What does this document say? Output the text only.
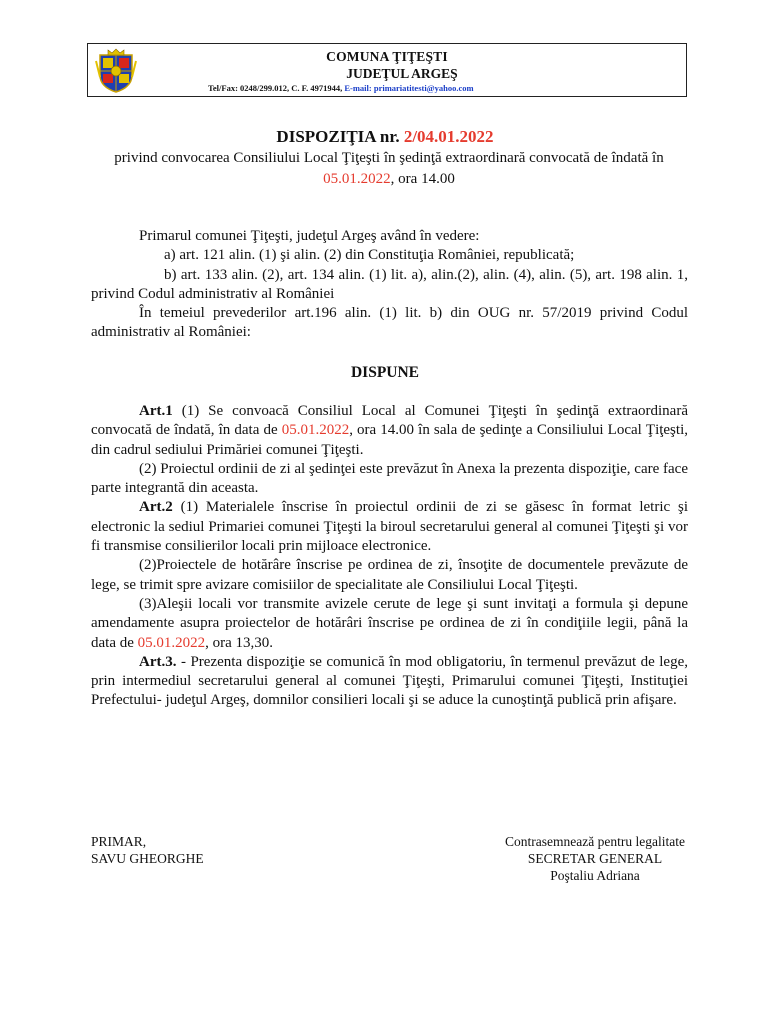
COMUNA ŢIŢEŞTI
JUDEŢUL ARGEŞ
Tel/Fax: 0248/299.012, C. F. 4971944, E-mail: primariatitesti@yahoo.com
DISPOZIŢIA nr. 2/04.01.2022
privind convocarea Consiliului Local Ţiţeşti în şedinţă extraordinară convocată de îndată în 05.01.2022, ora 14.00

Primarul comunei Ţiţeşti, judeţul Argeş având în vedere:

a) art. 121 alin. (1) şi alin. (2) din Constituţia României, republicată;

b) art. 133 alin. (2), art. 134 alin. (1) lit. a), alin.(2), alin. (4), alin. (5), art. 198 alin. 1, privind Codul administrativ al României

În temeiul prevederilor art.196 alin. (1) lit. b) din OUG nr. 57/2019 privind Codul administrativ al României:

DISPUNE

Art.1 (1) Se convoacă Consiliul Local al Comunei Ţiţeşti în şedinţă extraordinară convocată de îndată, în data de 05.01.2022, ora 14.00 în sala de şedinţe a Consiliului Local Ţiţeşti, din cadrul sediului Primăriei comunei Ţiţeşti.

(2) Proiectul ordinii de zi al şedinţei este prevăzut în Anexa la prezenta dispoziţie, care face parte integrantă din aceasta.

Art.2 (1) Materialele înscrise în proiectul ordinii de zi se găsesc în format letric şi electronic la sediul Primariei comunei Ţiţeşti la biroul secretarului general al comunei Ţiţeşti şi vor fi transmise consilierilor locali prin mijloace electronice.

(2)Proiectele de hotărâre înscrise pe ordinea de zi, însoţite de documentele prevăzute de lege, se trimit spre avizare comisiilor de specialitate ale Consiliului Local Ţiţeşti.

(3)Aleşii locali vor transmite avizele cerute de lege şi sunt invitaţi a formula şi depune amendamente asupra proiectelor de hotărâri înscrise pe ordinea de zi în condiţiile legii, până la data de 05.01.2022, ora 13,30.

Art.3. - Prezenta dispoziţie se comunică în mod obligatoriu, în termenul prevăzut de lege, prin intermediul secretarului general al comunei Ţiţeşti, Primarului comunei Ţiţeşti, Instituţiei Prefectului- judeţul Argeş, domnilor consilieri locali şi se aduce la cunoştinţă publică prin afişare.

PRIMAR,
SAVU GHEORGHE
Contrasemnează pentru legalitate
SECRETAR GENERAL
Poştaliu Adriana
